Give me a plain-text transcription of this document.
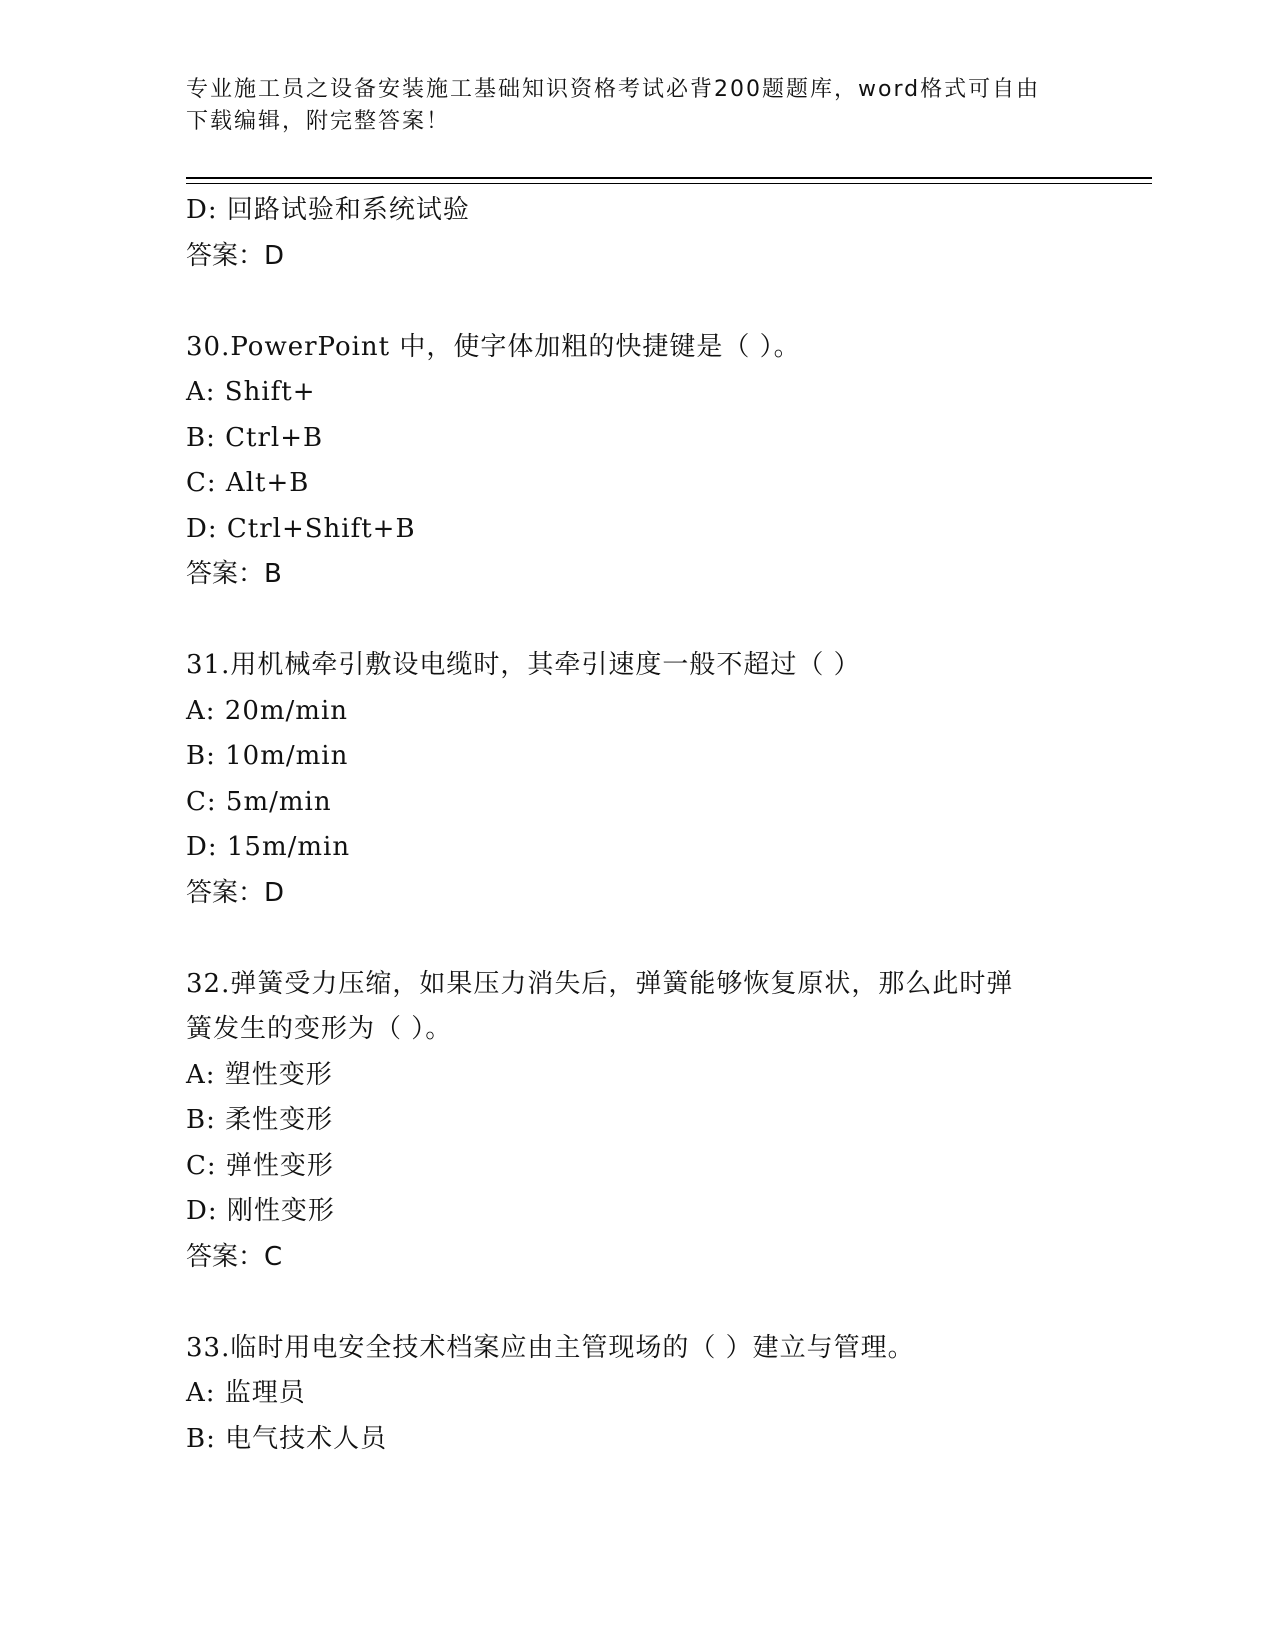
专业施工员之设备安装施工基础知识资格考试必背200题题库，word格式可自由
下载编辑，附完整答案！
D: 回路试验和系统试验
答案：D
30.PowerPoint 中，使字体加粗的快捷键是（ ）。
A: Shift+
B: Ctrl+B
C: Alt+B
D: Ctrl+Shift+B
答案：B
31.用机械牵引敷设电缆时，其牵引速度一般不超过（ ）
A: 20m/min
B: 10m/min
C: 5m/min
D: 15m/min
答案：D
32.弹簧受力压缩，如果压力消失后，弹簧能够恢复原状，那么此时弹
簧发生的变形为（ ）。
A: 塑性变形
B: 柔性变形
C: 弹性变形
D: 刚性变形
答案：C
33.临时用电安全技术档案应由主管现场的（ ）建立与管理。
A: 监理员
B: 电气技术人员
